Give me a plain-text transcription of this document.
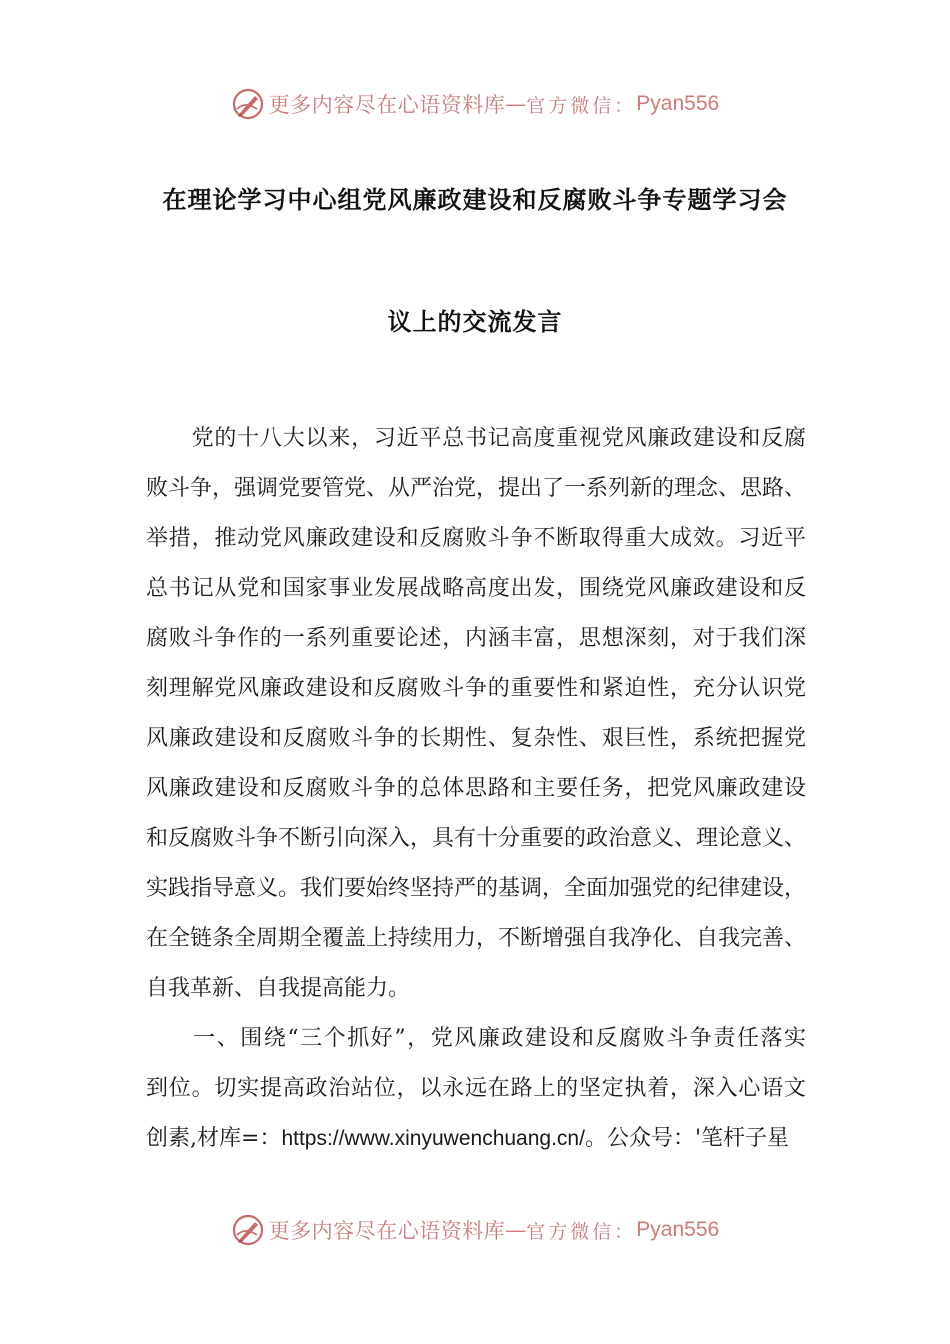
更多内容尽在心语资料库 — 官方微信： Pyan556
在理论学习中心组党风廉政建设和反腐败斗争专题学习会
议上的交流发言
　　党的十八大以来，习近平总书记高度重视党风廉政建设和反腐
败斗争，强调党要管党、从严治党，提出了一系列新的理念、思路、
举措，推动党风廉政建设和反腐败斗争不断取得重大成效。习近平
总书记从党和国家事业发展战略高度出发，围绕党风廉政建设和反
腐败斗争作的一系列重要论述，内涵丰富，思想深刻，对于我们深
刻理解党风廉政建设和反腐败斗争的重要性和紧迫性，充分认识党
风廉政建设和反腐败斗争的长期性、复杂性、艰巨性，系统把握党
风廉政建设和反腐败斗争的总体思路和主要任务，把党风廉政建设
和反腐败斗争不断引向深入，具有十分重要的政治意义、理论意义、
实践指导意义。我们要始终坚持严的基调，全面加强党的纪律建设，
在全链条全周期全覆盖上持续用力，不断增强自我净化、自我完善、
自我革新、自我提高能力。
　　一、围绕“三个抓好”，党风廉政建设和反腐败斗争责任落实
到位。切实提高政治站位，以永远在路上的坚定执着，深入心语文
创素,材库=：https://www.xinyuwenchuang.cn/。公众号：'笔杆子星
更多内容尽在心语资料库 — 官方微信： Pyan556
